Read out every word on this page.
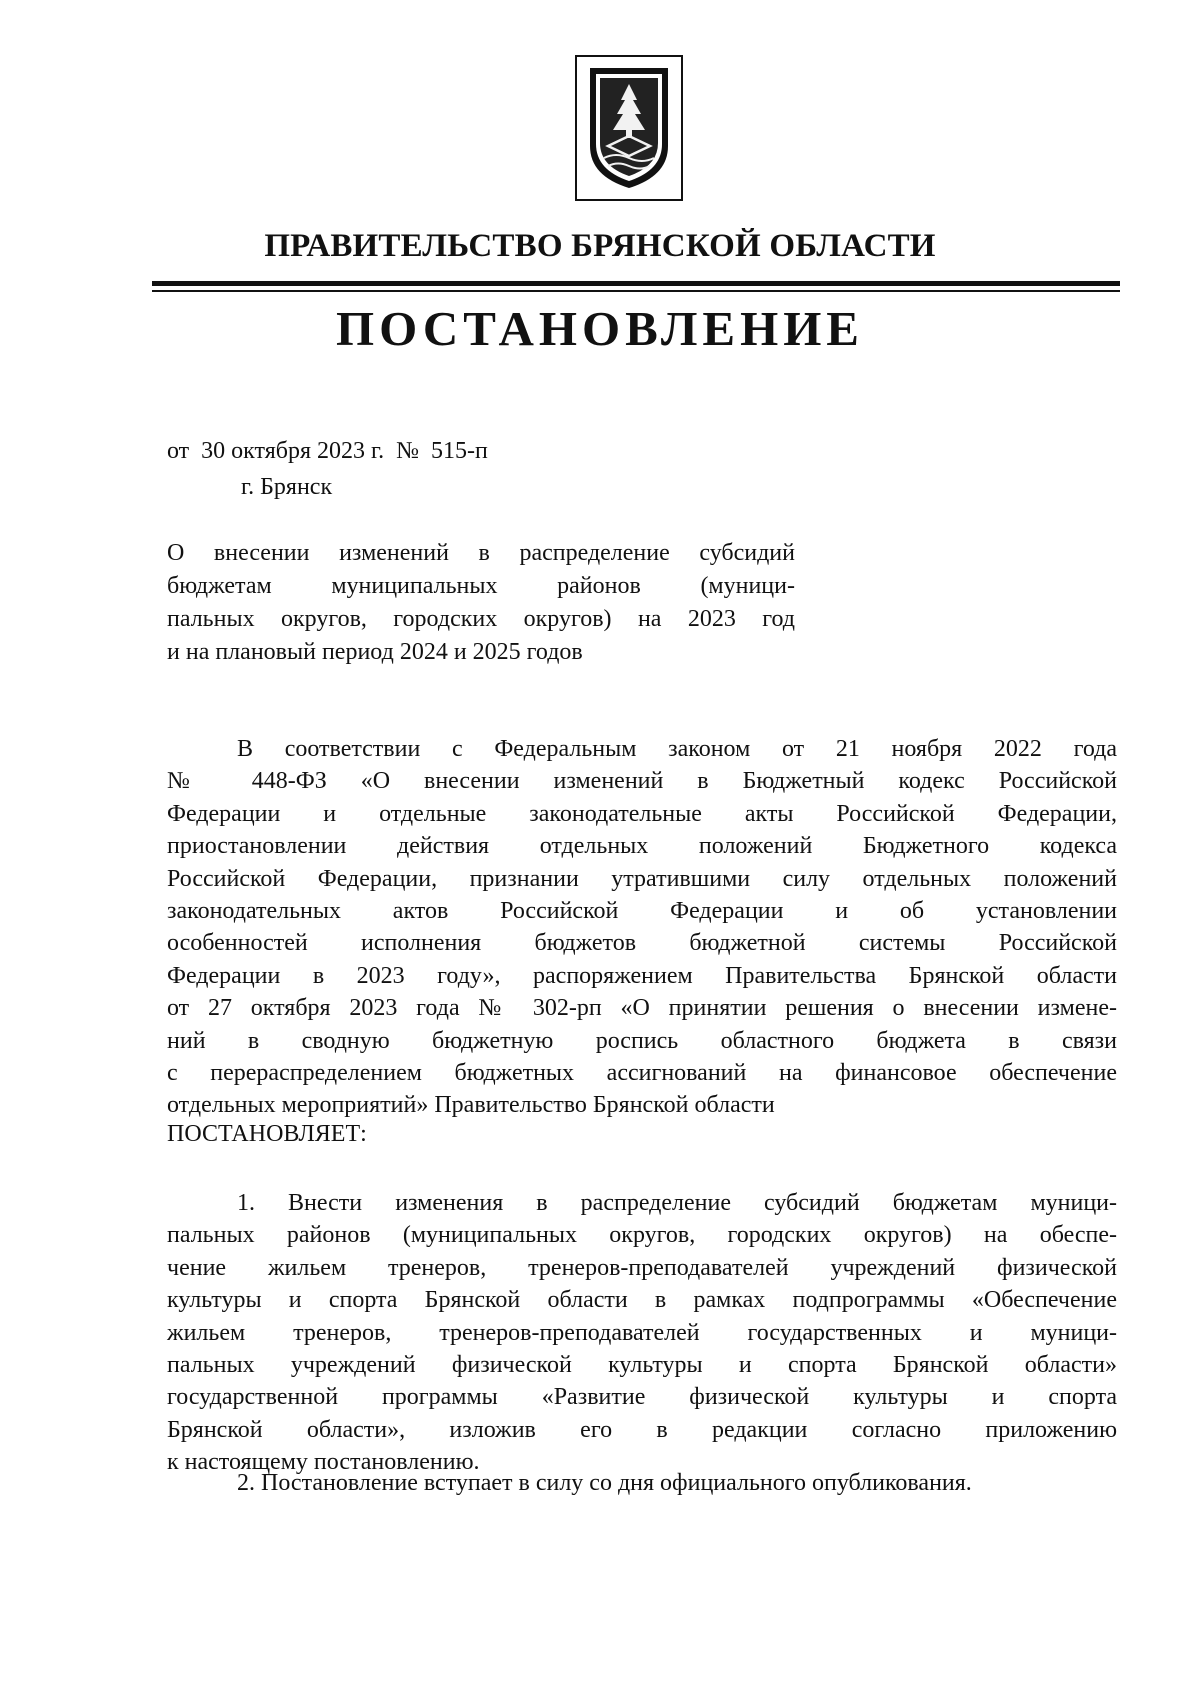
ПРАВИТЕЛЬСТВО БРЯНСКОЙ ОБЛАСТИ
ПОСТАНОВЛЕНИЕ
от  30 октября 2023 г.  №  515-п
г. Брянск
О внесении изменений в распределение субсидий
бюджетам муниципальных районов (муници-
пальных округов, городских округов) на 2023 год
и на плановый период 2024 и 2025 годов
В соответствии с Федеральным законом от 21 ноября 2022 года
№ 448-ФЗ «О внесении изменений в Бюджетный кодекс Российской
Федерации и отдельные законодательные акты Российской Федерации,
приостановлении действия отдельных положений Бюджетного кодекса
Российской Федерации, признании утратившими силу отдельных положений
законодательных актов Российской Федерации и об установлении
особенностей исполнения бюджетов бюджетной системы Российской
Федерации в 2023 году», распоряжением Правительства Брянской области
от 27 октября 2023 года № 302-рп «О принятии решения о внесении измене-
ний в сводную бюджетную роспись областного бюджета в связи
с перераспределением бюджетных ассигнований на финансовое обеспечение
отдельных мероприятий» Правительство Брянской области
ПОСТАНОВЛЯЕТ:
1. Внести изменения в распределение субсидий бюджетам муници-
пальных районов (муниципальных округов, городских округов) на обеспе-
чение жильем тренеров, тренеров-преподавателей учреждений физической
культуры и спорта Брянской области в рамках подпрограммы «Обеспечение
жильем тренеров, тренеров-преподавателей государственных и муници-
пальных учреждений физической культуры и спорта Брянской области»
государственной программы «Развитие физической культуры и спорта
Брянской области», изложив его в редакции согласно приложению
к настоящему постановлению.
2. Постановление вступает в силу со дня официального опубликования.
